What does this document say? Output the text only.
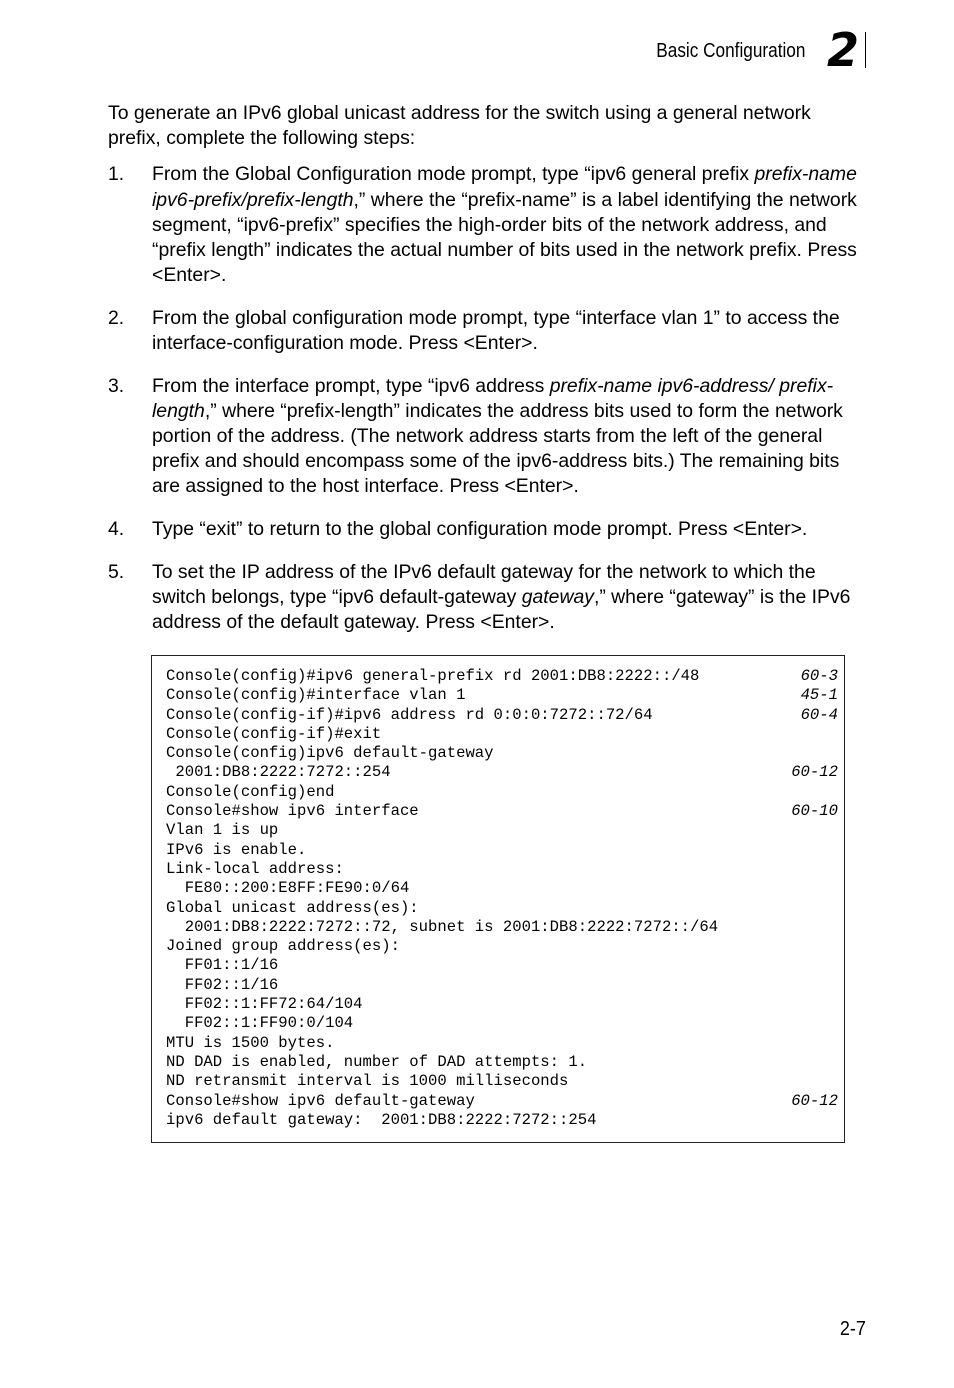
Basic Configuration 2

To generate an IPv6 global unicast address for the switch using a general network prefix, complete the following steps:

1. From the Global Configuration mode prompt, type “ipv6 general prefix prefix-name ipv6-prefix/prefix-length,” where the “prefix-name” is a label identifying the network segment, “ipv6-prefix” specifies the high-order bits of the network address, and “prefix length” indicates the actual number of bits used in the network prefix. Press <Enter>.
2. From the global configuration mode prompt, type “interface vlan 1” to access the interface-configuration mode. Press <Enter>.
3. From the interface prompt, type “ipv6 address prefix-name ipv6-address/ prefix-length,” where “prefix-length” indicates the address bits used to form the network portion of the address. (The network address starts from the left of the general prefix and should encompass some of the ipv6-address bits.) The remaining bits are assigned to the host interface. Press <Enter>.
4. Type “exit” to return to the global configuration mode prompt. Press <Enter>.
5. To set the IP address of the IPv6 default gateway for the network to which the switch belongs, type “ipv6 default-gateway gateway,” where “gateway” is the IPv6 address of the default gateway. Press <Enter>.
Console(config)#ipv6 general-prefix rd 2001:DB8:2222::/48	60-3
Console(config)#interface vlan 1	45-1
Console(config-if)#ipv6 address rd 0:0:0:7272::72/64	60-4
Console(config-if)#exit
Console(config)ipv6 default-gateway
2001:DB8:2222:7272::254	60-12
Console(config)end
Console#show ipv6 interface	60-10
Vlan 1 is up
IPv6 is enable.
Link-local address:
FE80::200:E8FF:FE90:0/64
Global unicast address(es):
2001:DB8:2222:7272::72, subnet is 2001:DB8:2222:7272::/64
Joined group address(es):
FF01::1/16
FF02::1/16
FF02::1:FF72:64/104
FF02::1:FF90:0/104
MTU is 1500 bytes.
ND DAD is enabled, number of DAD attempts: 1.
ND retransmit interval is 1000 milliseconds
Console#show ipv6 default-gateway	60-12
ipv6 default gateway:  2001:DB8:2222:7272::254
2-7
